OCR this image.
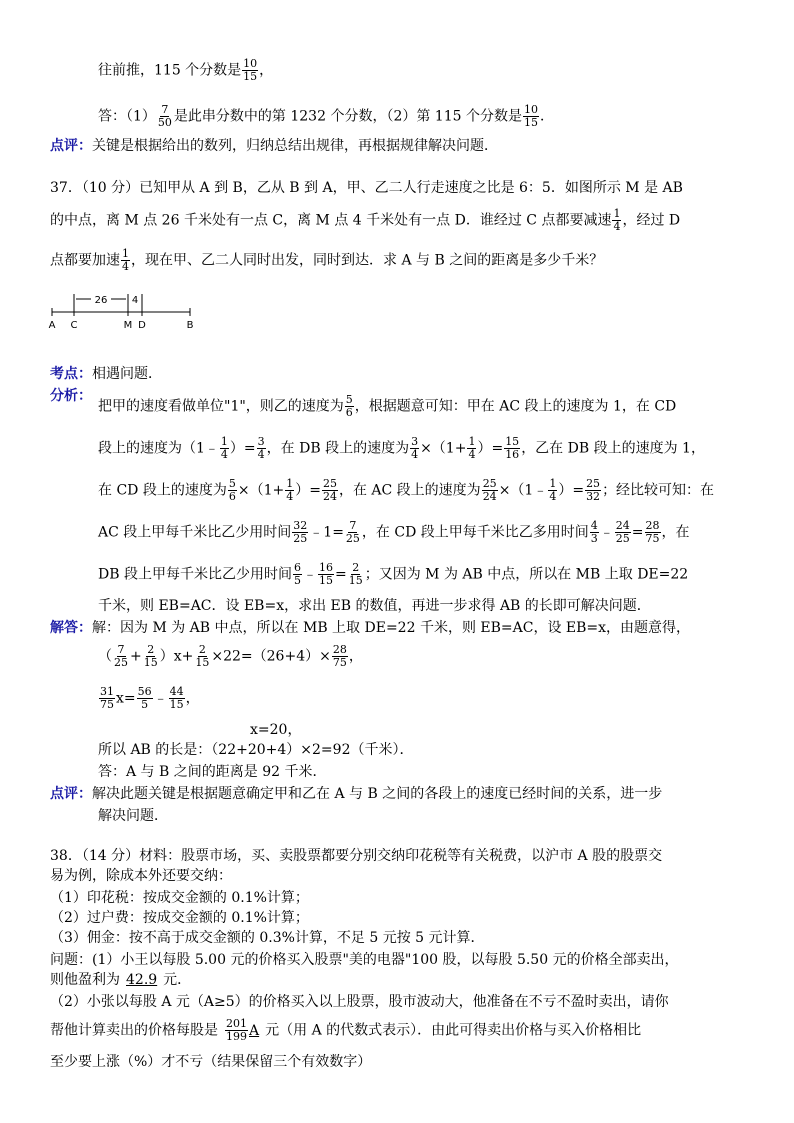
往前推，115 个分数是 $\frac{10}{15}$ ，
答：$(1) \frac{7}{50}$ 是此串分数中的第 1232 个分数，（2）第 115 个分数是 $\frac{10}{15}$ ．
点评：关键是根据给出的数列，归纳总结出规律，再根据规律解决问题．
37．（10 分）已知甲从 A 到 B，乙从 B 到 A，甲、乙二人行走速度之比是 6：5．如图所示 M 是 AB
的中点，离 M 点 26 千米处有一点 C，离 M 点 4 千米处有一点 D．谁经过 C 点都要减速 $\frac{1}{4}$ ，经过 D
点都要加速 $\frac{1}{4}$ ，现在甲、乙二人同时出发，同时到达．求 A 与 B 之间的距离是多少千米？
26 4
A C	M D	B
考点：相遇问题．
分析：
把甲的速度看做单位"1"，则乙的速度为 $\frac{5}{6}$ ，根据题意可知：甲在 AC 段上的速度为 1，在 CD
段上的速度为（1﹣ $\frac{1}{4}$ ）= $\frac{3}{4}$ ，在 DB 段上的速度为 $\frac{3}{4} \times(1+ \frac{1}{4}$ ）= $\frac{15}{16}$ ，乙在 DB 段上的速度为 1，
在 CD 段上的速度为 $\frac{5}{6} \times(1+ \frac{1}{4}$ ）= $\frac{25}{24}$ ，在 AC 段上的速度为 $\frac{25}{24}$ ×（1﹣ $\frac{1}{4}$ ）= $\frac{25}{32}$ ；经比较可知：在
AC 段上甲每千米比乙少用时间 $\frac{32}{25}$ ﹣1= $\frac{7}{25}$ ，在 CD 段上甲每千米比乙多用时间 $\frac{4}{3}$ ﹣ $\frac{24}{25} = \frac{28}{75}$ ，在
DB 段上甲每千米比乙少用时间 $\frac{6}{5}$ ﹣ $\frac{16}{15} = \frac{2}{15}$ ；又因为 M 为 AB 中点，所以在 MB 上取 DE=22
千米，则 EB=AC．设 EB=x，求出 EB 的数值，再进一步求得 AB 的长即可解决问题．
解答：解：因为 M 为 AB 中点，所以在 MB 上取 DE=22 千米，则 EB=AC，设 EB=x，由题意得，
（ $\frac{7}{25} + \frac{2}{15} )x+ \frac{2}{15} \times 22=(26+4)\times \frac{28}{75}$ ，
$\frac{31}{75} x= \frac{56}{5}$ ﹣ $\frac{44}{15}$ ，
x=20，
所以 AB 的长是：（22+20+4）×2=92（千米）．
答：A 与 B 之间的距离是 92 千米．
点评：解决此题关键是根据题意确定甲和乙在 A 与 B 之间的各段上的速度已经时间的关系，进一步
解决问题．
38．（14 分）材料：股票市场，买、卖股票都要分别交纳印花税等有关税费，以沪市 A 股的股票交
易为例，除成本外还要交纳：
（1）印花税：按成交金额的 0.1%计算；
（2）过户费：按成交金额的 0.1%计算；
（3）佣金：按不高于成交金额的 0.3%计算，不足 5 元按 5 元计算．
问题：(1）小王以每股 5.00 元的价格买入股票"美的电器"100 股，以每股 5.50 元的价格全部卖出，
则他盈利为 42.9 元．
（2）小张以每股 A 元（A≥5）的价格买入以上股票，股市波动大，他准备在不亏不盈时卖出，请你
帮他计算卖出的价格每股是 $\frac{201}{199}$ A 元（用 A 的代数式表示）．由此可得卖出价格与买入价格相比
至少要上涨（%）才不亏（结果保留三个有效数字）
